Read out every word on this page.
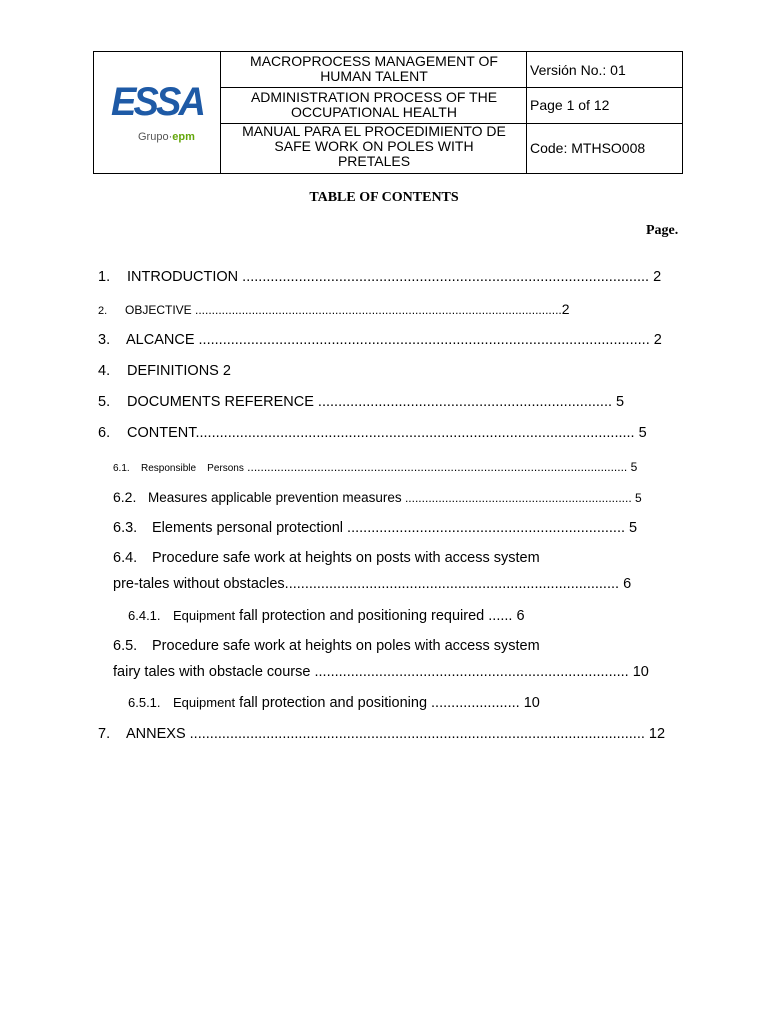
ESSA
Grupo·epm
MACROPROCESS MANAGEMENT OF
HUMAN TALENT
ADMINISTRATION PROCESS OF THE
OCCUPATIONAL HEALTH
MANUAL PARA EL PROCEDIMIENTO DE
SAFE WORK ON POLES WITH
PRETALES
Versión No.: 01
Page 1 of 12
Code: MTHSO008
TABLE OF CONTENTS
Page.
1. INTRODUCTION ..................................................................................................... 2
2. OBJECTIVE ..............................................................................................................2
3. ALCANCE ................................................................................................................ 2
4. DEFINITIONS 2
5. DOCUMENTS REFERENCE ......................................................................... 5
6. CONTENT............................................................................................................. 5
6.1. Responsible    Persons .................................................................................................................. 5
6.2. Measures applicable prevention measures .................................................................... 5
6.3. Elements personal protectionl ..................................................................... 5
6.4. Procedure safe work at heights on posts with access system
pre-tales without obstacles................................................................................... 6
6.4.1. Equipment fall protection and positioning required ...... 6
6.5. Procedure safe work at heights on poles with access system
fairy tales with obstacle course .............................................................................. 10
6.5.1. Equipment fall protection and positioning ...................... 10
7. ANNEXS ................................................................................................................. 12
